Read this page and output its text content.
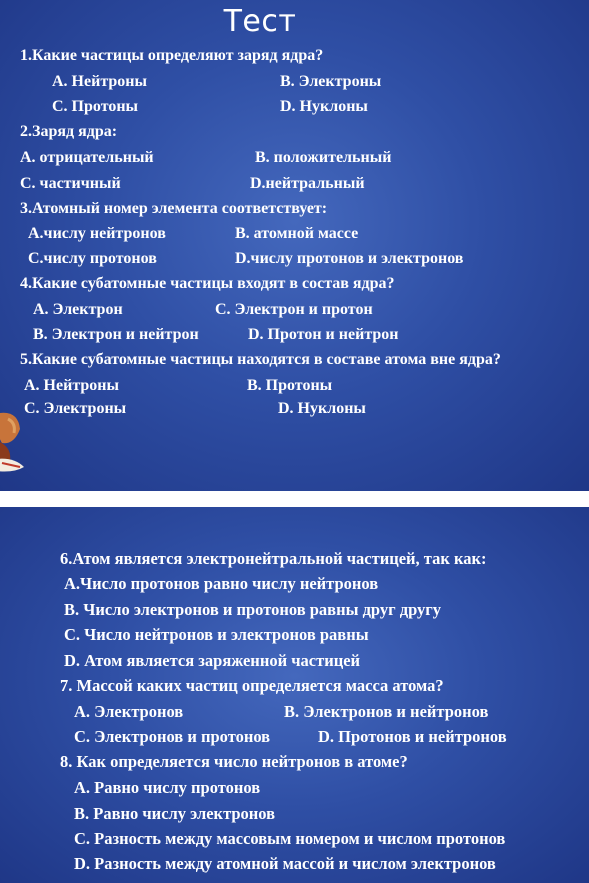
Тест
1.Какие частицы определяют заряд ядра?
A. Нейтроны	B. Электроны
C. Протоны	D. Нуклоны
2.Заряд ядра:
A. отрицательный	B. положительный
C. частичный	D.нейтральный
3.Атомный номер элемента соответствует:
A.числу нейтронов	B. атомной массе
C.числу протонов	D.числу протонов и электронов
4.Какие субатомные частицы входят в состав ядра?
A. Электрон	C. Электрон и протон
B. Электрон и нейтрон	D. Протон и нейтрон
5.Какие субатомные частицы находятся в составе атома вне ядра?
A. Нейтроны	B. Протоны
C. Электроны	D. Нуклоны
6.Атом является электронейтральной частицей, так как:
A.Число протонов равно числу нейтронов
B. Число электронов и протонов равны друг другу
C. Число нейтронов и электронов равны
D. Атом является заряженной частицей
7. Массой каких частиц определяется масса атома?
A. Электронов	B. Электронов и нейтронов
C. Электронов и протонов	D. Протонов и нейтронов
8. Как определяется число нейтронов в атоме?
A. Равно числу протонов
B. Равно числу электронов
C. Разность между массовым номером и числом протонов
D. Разность между атомной массой и числом электронов
